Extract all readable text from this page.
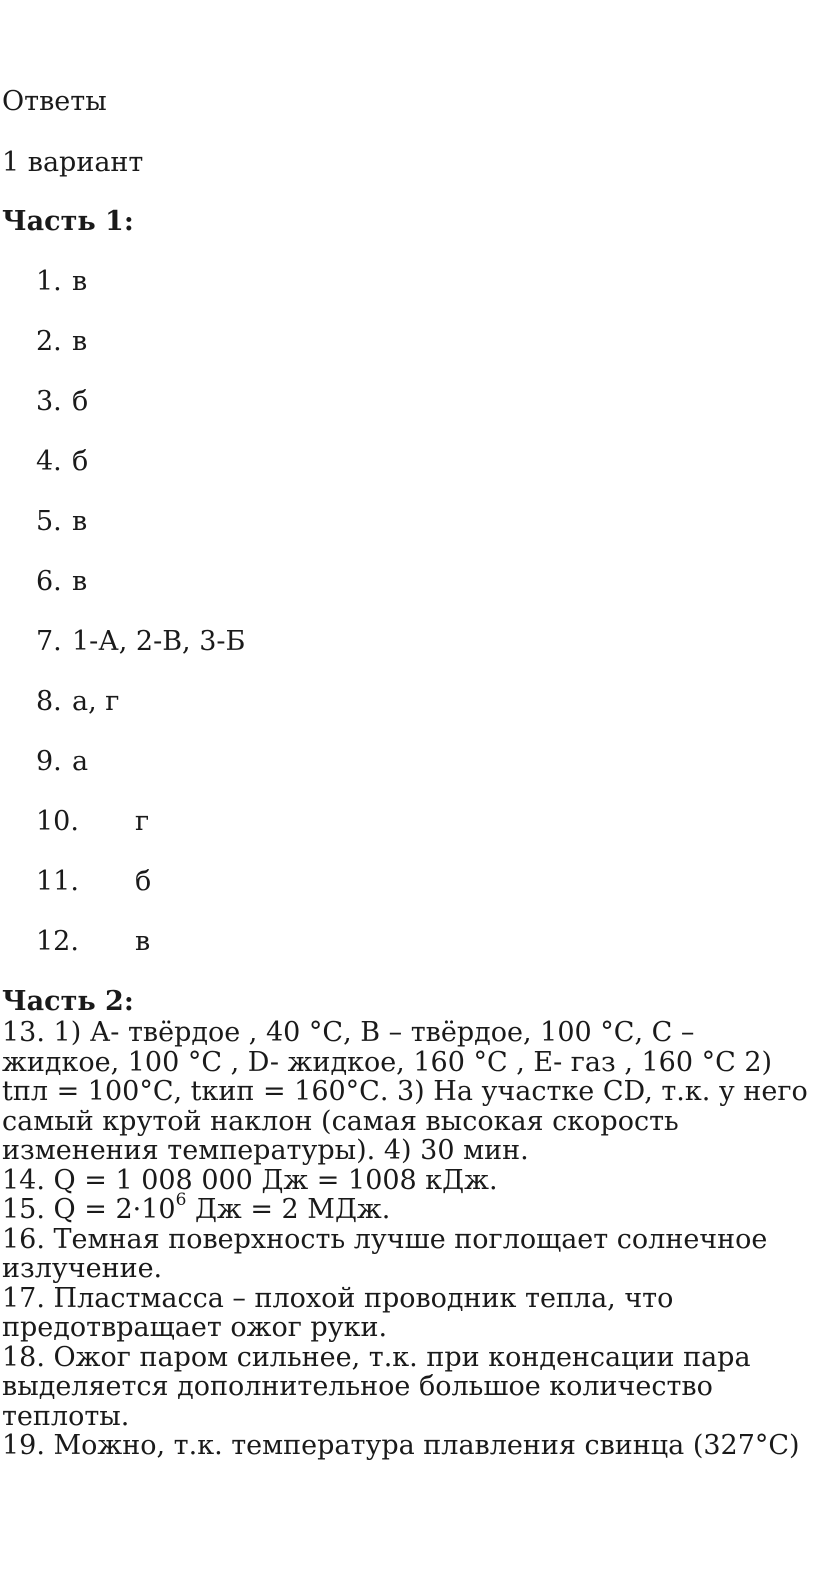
Ответы
1 вариант
Часть 1:
1. в
2. в
3. б
4. б
5. в
6. в
7. 1-А, 2-В, 3-Б
8. а, г
9. а
10. г
11. б
12. в
Часть 2:

13. 1) А- твёрдое , 40 °С, В – твёрдое, 100 °С, С – жидкое, 100 °С , D- жидкое, 160 °С , Е- газ , 160 °С 2) tпл = 100°С, tкип = 160°С. 3) На участке CD, т.к. у него самый крутой наклон (самая высокая скорость изменения температуры). 4) 30 мин.

14. Q = 1 008 000 Дж = 1008 кДж.

15. $Q = 2\cdot 10^6$ Дж = 2 МДж.

16. Темная поверхность лучше поглощает солнечное излучение.

17. Пластмасса – плохой проводник тепла, что предотвращает ожог руки.

18. Ожог паром сильнее, т.к. при конденсации пара выделяется дополнительное большое количество теплоты.

19. Можно, т.к. температура плавления свинца (327°С)
